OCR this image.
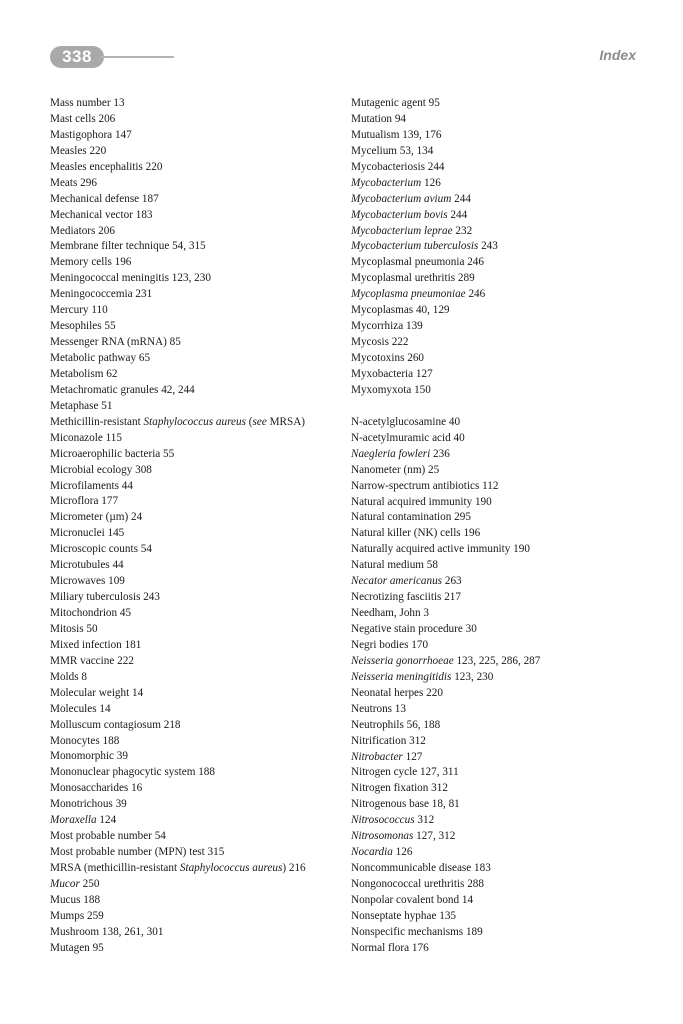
338	Index
Mass number 13
Mast cells 206
Mastigophora 147
Measles 220
Measles encephalitis 220
Meats 296
Mechanical defense 187
Mechanical vector 183
Mediators 206
Membrane filter technique 54, 315
Memory cells 196
Meningococcal meningitis 123, 230
Meningococcemia 231
Mercury 110
Mesophiles 55
Messenger RNA (mRNA) 85
Metabolic pathway 65
Metabolism 62
Metachromatic granules 42, 244
Metaphase 51
Methicillin-resistant Staphylococcus aureus (see MRSA)
Miconazole 115
Microaerophilic bacteria 55
Microbial ecology 308
Microfilaments 44
Microflora 177
Micrometer (µm) 24
Micronuclei 145
Microscopic counts 54
Microtubules 44
Microwaves 109
Miliary tuberculosis 243
Mitochondrion 45
Mitosis 50
Mixed infection 181
MMR vaccine 222
Molds 8
Molecular weight 14
Molecules 14
Molluscum contagiosum 218
Monocytes 188
Monomorphic 39
Mononuclear phagocytic system 188
Monosaccharides 16
Monotrichous 39
Moraxella 124
Most probable number 54
Most probable number (MPN) test 315
MRSA (methicillin-resistant Staphylococcus aureus) 216
Mucor 250
Mucus 188
Mumps 259
Mushroom 138, 261, 301
Mutagen 95
Mutagenic agent 95
Mutation 94
Mutualism 139, 176
Mycelium 53, 134
Mycobacteriosis 244
Mycobacterium 126
Mycobacterium avium 244
Mycobacterium bovis 244
Mycobacterium leprae 232
Mycobacterium tuberculosis 243
Mycoplasmal pneumonia 246
Mycoplasmal urethritis 289
Mycoplasma pneumoniae 246
Mycoplasmas 40, 129
Mycorrhiza 139
Mycosis 222
Mycotoxins 260
Myxobacteria 127
Myxomyxota 150
N-acetylglucosamine 40
N-acetylmuramic acid 40
Naegleria fowleri 236
Nanometer (nm) 25
Narrow-spectrum antibiotics 112
Natural acquired immunity 190
Natural contamination 295
Natural killer (NK) cells 196
Naturally acquired active immunity 190
Natural medium 58
Necator americanus 263
Necrotizing fasciitis 217
Needham, John 3
Negative stain procedure 30
Negri bodies 170
Neisseria gonorrhoeae 123, 225, 286, 287
Neisseria meningitidis 123, 230
Neonatal herpes 220
Neutrons 13
Neutrophils 56, 188
Nitrification 312
Nitrobacter 127
Nitrogen cycle 127, 311
Nitrogen fixation 312
Nitrogenous base 18, 81
Nitrosococcus 312
Nitrosomonas 127, 312
Nocardia 126
Noncommunicable disease 183
Nongonococcal urethritis 288
Nonpolar covalent bond 14
Nonseptate hyphae 135
Nonspecific mechanisms 189
Normal flora 176
